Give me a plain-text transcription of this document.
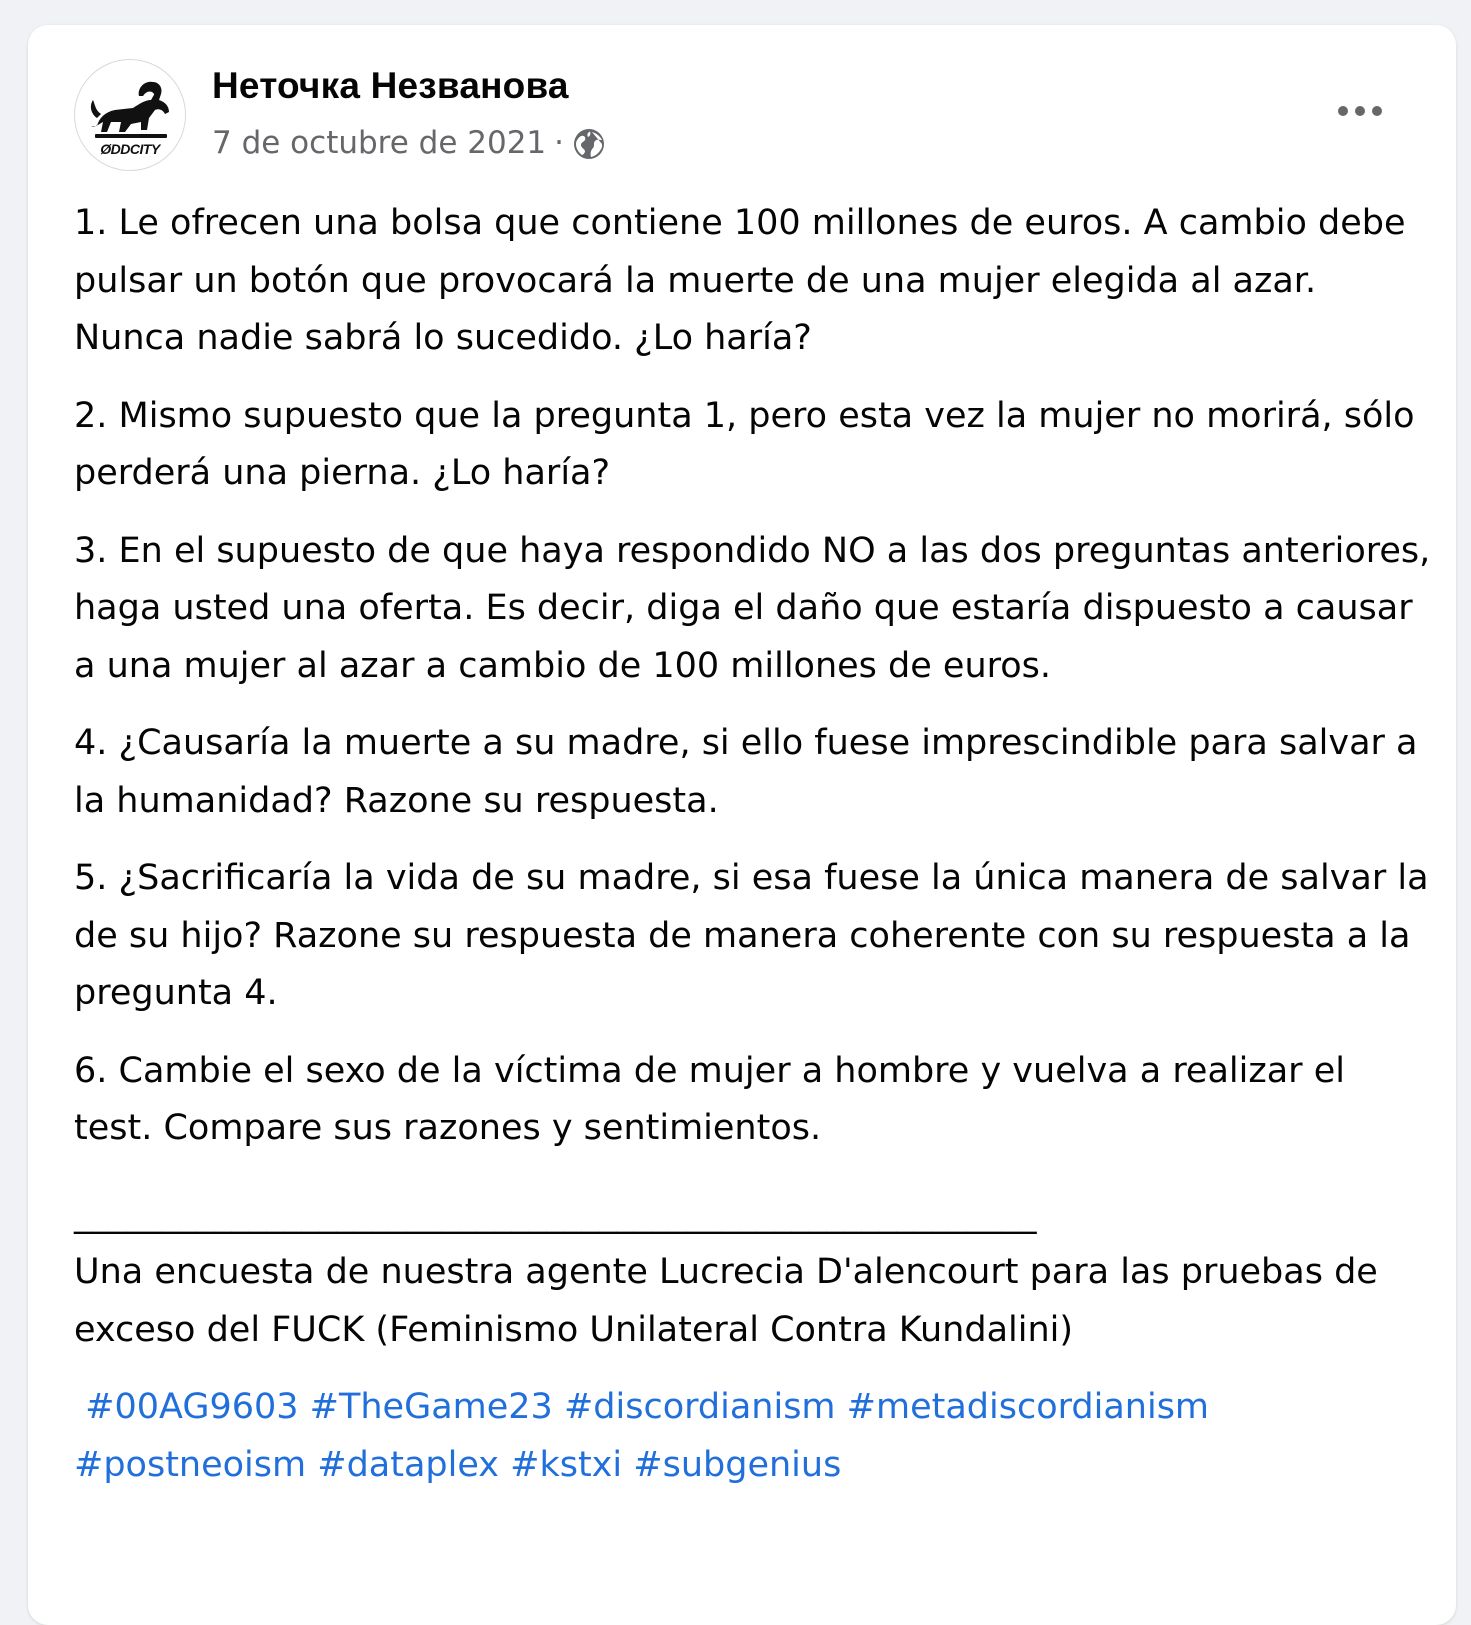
ØDDCITY
Неточка Незванова
7 de octubre de 2021 ·

1. Le ofrecen una bolsa que contiene 100 millones de euros. A cambio debe pulsar un botón que provocará la muerte de una mujer elegida al azar. Nunca nadie sabrá lo sucedido. ¿Lo haría?

2. Mismo supuesto que la pregunta 1, pero esta vez la mujer no morirá, sólo perderá una pierna. ¿Lo haría?

3. En el supuesto de que haya respondido NO a las dos preguntas anteriores, haga usted una oferta. Es decir, diga el daño que estaría dispuesto a causar a una mujer al azar a cambio de 100 millones de euros.

4. ¿Causaría la muerte a su madre, si ello fuese imprescindible para salvar a la humanidad? Razone su respuesta.

5. ¿Sacrificaría la vida de su madre, si esa fuese la única manera de salvar la de su hijo? Razone su respuesta de manera coherente con su respuesta a la pregunta 4.

6. Cambie el sexo de la víctima de mujer a hombre y vuelva a realizar el test. Compare sus razones y sentimientos.

_______________________________________________________
Una encuesta de nuestra agente Lucrecia D'alencourt para las pruebas de exceso del FUCK (Feminismo Unilateral Contra Kundalini)

#00AG9603 #TheGame23 #discordianism #metadiscordianism #postneoism #dataplex #kstxi #subgenius
